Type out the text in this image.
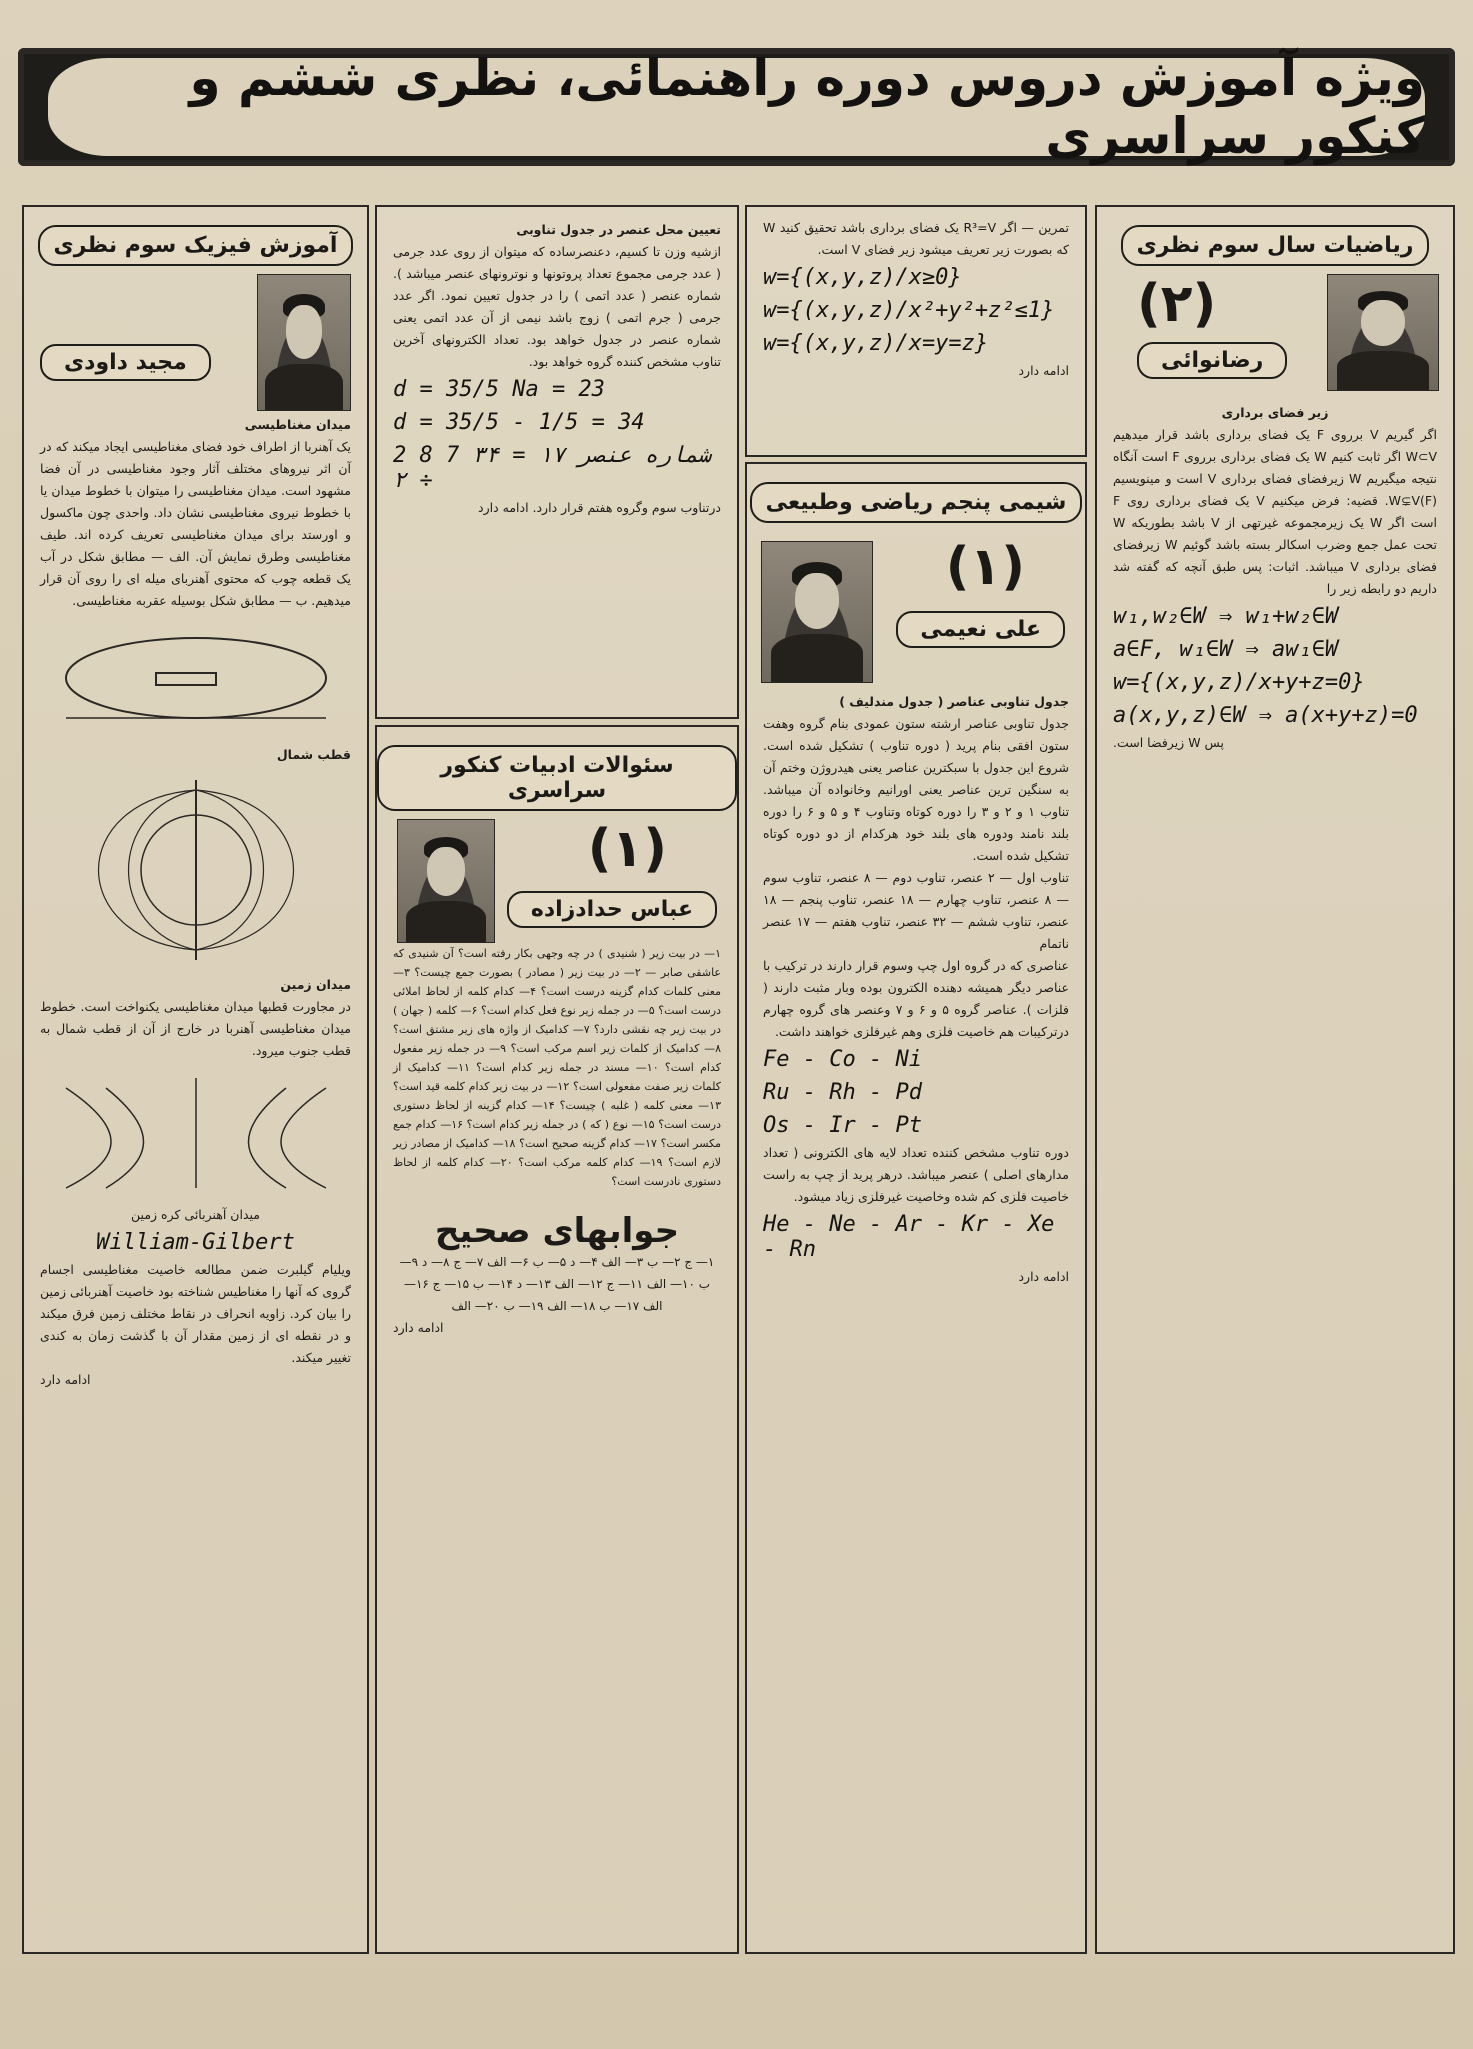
ویژه آموزش دروس دوره راهنمائی، نظری ششم و کنکور سراسری
ریاضیات سال سوم نظری
(۲)
رضانوائی
زیر فضای برداری
اگر گیریم V برروی F یک فضای برداری باشد قرار میدهیم W⊂V اگر ثابت کنیم W یک فضای برداری برروی F است آنگاه نتیجه میگیریم W زیرفضای فضای برداری V است و مینویسیم W⊊V(F). قضیه: فرض میکنیم V یک فضای برداری روی F است اگر W یک زیرمجموعه غیرتهی از V باشد بطوریکه W تحت عمل جمع وضرب اسکالر بسته باشد گوئیم W زیرفضای فضای برداری V میباشد. اثبات: پس طبق آنچه که گفته شد داریم دو رابطه زیر را
w₁,w₂∈W ⇒ w₁+w₂∈W
a∈F, w₁∈W ⇒ aw₁∈W
w={(x,y,z)/x+y+z=0}
a(x,y,z)∈W ⇒ a(x+y+z)=0
پس W زیرفضا است.
تمرین — اگر R³=V یک فضای برداری باشد تحقیق کنید W که بصورت زیر تعریف میشود زیر فضای V است.
w={(x,y,z)/x≥0}
w={(x,y,z)/x²+y²+z²≤1}
w={(x,y,z)/x=y=z}
ادامه دارد
شیمی پنجم ریاضی وطبیعی
(۱)
علی نعیمی
جدول تناوبی عناصر ( جدول مندلیف )
جدول تناوبی عناصر ارشته ستون عمودی بنام گروه وهفت ستون افقی بنام پرید ( دوره تناوب ) تشکیل شده است. شروع این جدول با سبکترین عناصر یعنی هیدروژن وختم آن به سنگین ترین عناصر یعنی اورانیم وخانواده آن میباشد. تناوب ۱ و ۲ و ۳ را دوره کوتاه وتناوب ۴ و ۵ و ۶ را دوره بلند نامند ودوره های بلند خود هرکدام از دو دوره کوتاه تشکیل شده است.
تناوب اول — ۲ عنصر، تناوب دوم — ۸ عنصر، تناوب سوم — ۸ عنصر، تناوب چهارم — ۱۸ عنصر، تناوب پنجم — ۱۸ عنصر، تناوب ششم — ۳۲ عنصر، تناوب هفتم — ۱۷ عنصر ناتمام
عناصری که در گروه اول چپ وسوم قرار دارند در ترکیب با عناصر دیگر همیشه دهنده الکترون بوده وبار مثبت دارند ( فلزات ). عناصر گروه ۵ و ۶ و ۷ وعنصر های گروه چهارم درترکیبات هم خاصیت فلزی وهم غیرفلزی خواهند داشت.
Fe - Co - Ni
Ru - Rh - Pd
Os - Ir - Pt
دوره تناوب مشخص کننده تعداد لایه های الکترونی ( تعداد مدارهای اصلی ) عنصر میباشد. درهر پرید از چپ به راست خاصیت فلزی کم شده وخاصیت غیرفلزی زیاد میشود.
He - Ne - Ar - Kr - Xe - Rn
ادامه دارد
تعیین محل عنصر در جدول تناوبی
ازشیه وزن تا کسیم، دعنصرساده که میتوان از روی عدد جرمی ( عدد جرمی مجموع تعداد پروتونها و نوترونهای عنصر میباشد ). شماره عنصر ( عدد اتمی ) را در جدول تعیین نمود. اگر عدد جرمی ( جرم اتمی ) زوج باشد نیمی از آن عدد اتمی یعنی شماره عنصر در جدول خواهد بود. تعداد الکترونهای آخرین تناوب مشخص کننده گروه خواهد بود.
d = 35/5 Na = 23
d = 35/5 - 1/5 = 34
2 8 7 شماره عنصر ۱۷ = ۳۴ ÷ ۲
درتناوب سوم وگروه هفتم قرار دارد. ادامه دارد
سئوالات ادبیات کنکور سراسری
(۱)
عباس حدادزاده
۱— در بیت زیر ( شنیدی ) در چه وجهی بکار رفته است؟ آن شنیدی که عاشقی صابر — ۲— در بیت زیر ( مصادر ) بصورت جمع چیست؟ ۳— معنی کلمات کدام گزینه درست است؟ ۴— کدام کلمه از لحاظ املائی درست است؟ ۵— در جمله زیر نوع فعل کدام است؟ ۶— کلمه ( جهان ) در بیت زیر چه نقشی دارد؟ ۷— کدامیک از واژه های زیر مشتق است؟ ۸— کدامیک از کلمات زیر اسم مرکب است؟ ۹— در جمله زیر مفعول کدام است؟ ۱۰— مسند در جمله زیر کدام است؟ ۱۱— کدامیک از کلمات زیر صفت مفعولی است؟ ۱۲— در بیت زیر کدام کلمه قید است؟ ۱۳— معنی کلمه ( غلبه ) چیست؟ ۱۴— کدام گزینه از لحاظ دستوری درست است؟ ۱۵— نوع ( که ) در جمله زیر کدام است؟ ۱۶— کدام جمع مکسر است؟ ۱۷— کدام گزینه صحیح است؟ ۱۸— کدامیک از مصادر زیر لازم است؟ ۱۹— کدام کلمه مرکب است؟ ۲۰— کدام کلمه از لحاظ دستوری نادرست است؟
جوابهای صحیح
۱— ج ۲— ب ۳— الف ۴— د ۵— ب ۶— الف ۷— ج ۸— د ۹— ب ۱۰— الف ۱۱— ج ۱۲— الف ۱۳— د ۱۴— ب ۱۵— ج ۱۶— الف ۱۷— ب ۱۸— الف ۱۹— ب ۲۰— الف
ادامه دارد
آموزش فیزیک سوم نظری
مجید داودی
میدان مغناطیسی
یک آهنربا از اطراف خود فضای مغناطیسی ایجاد میکند که در آن اثر نیروهای مختلف آثار وجود مغناطیسی در آن فضا مشهود است. میدان مغناطیسی را میتوان با خطوط میدان یا با خطوط نیروی مغناطیسی نشان داد. واحدی چون ماکسول و اورستد برای میدان مغناطیسی تعریف کرده اند. طیف مغناطیسی وطرق نمایش آن. الف — مطابق شکل در آب یک قطعه چوب که محتوی آهنربای میله ای را روی آن قرار میدهیم. ب — مطابق شکل بوسیله عقربه مغناطیسی.
قطب شمال
میدان زمین
در مجاورت قطبها میدان مغناطیسی یکنواخت است. خطوط میدان مغناطیسی آهنربا در خارج از آن از قطب شمال به قطب جنوب میرود.
میدان آهنربائی کره زمین
William-Gilbert
ویلیام گیلبرت ضمن مطالعه خاصیت مغناطیسی اجسام گروی که آنها را مغناطیس شناخته بود خاصیت آهنربائی زمین را بیان کرد. زاویه انحراف در نقاط مختلف زمین فرق میکند و در نقطه ای از زمین مقدار آن با گذشت زمان به کندی تغییر میکند.
ادامه دارد
